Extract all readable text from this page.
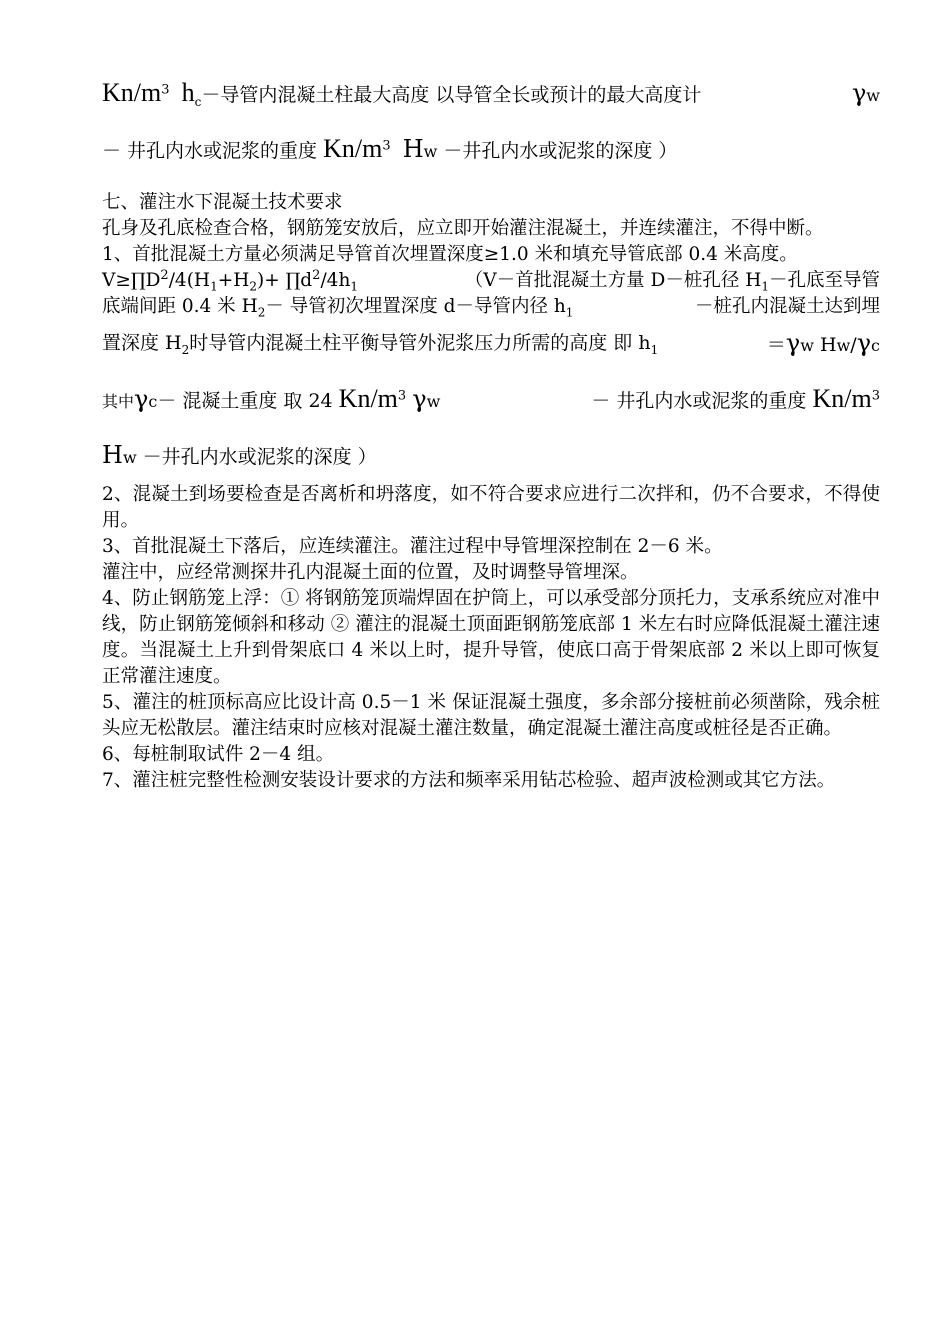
$Kn/m^3$ $h_c-$导管内混凝土柱最大高度 以导管全长或预计的最大高度计	γw
－ 井孔内水或泥浆的重度 $Kn/m^3$ Hw －井孔内水或泥浆的深度 ）
七、灌注水下混凝土技术要求
孔身及孔底检查合格，钢筋笼安放后，应立即开始灌注混凝土，并连续灌注，不得中断。
1、首批混凝土方量必须满足导管首次埋置深度≥1.0 米和填充导管底部 0.4 米高度。
$V\ge\prod D^2/4(H_1+H_2)+$ $\prod d^2/4h_1$	（V－首批混凝土方量 D－桩孔径 $H_1-$孔底至导管
底端间距 0.4 米 $H_2-$ 导管初次埋置深度 d－导管内径 $h_1$	－桩孔内混凝土达到埋
置深度 $H_2$时导管内混凝土柱平衡导管外泥浆压力所需的高度 即 $h_1$	＝γw Hw/γc
其中γc－ 混凝土重度 取 24 $Kn/m^3$ γw	－ 井孔内水或泥浆的重度 $Kn/m^3$
Hw －井孔内水或泥浆的深度 ）
2、混凝土到场要检查是否离析和坍落度，如不符合要求应进行二次拌和，仍不合要求，不得使用。
3、首批混凝土下落后，应连续灌注。灌注过程中导管埋深控制在 2－6 米。
灌注中，应经常测探井孔内混凝土面的位置，及时调整导管埋深。
4、防止钢筋笼上浮：① 将钢筋笼顶端焊固在护筒上，可以承受部分顶托力，支承系统应对准中线，防止钢筋笼倾斜和移动 ② 灌注的混凝土顶面距钢筋笼底部 1 米左右时应降低混凝土灌注速度。当混凝土上升到骨架底口 4 米以上时，提升导管，使底口高于骨架底部 2 米以上即可恢复正常灌注速度。
5、灌注的桩顶标高应比设计高 0.5－1 米 保证混凝土强度，多余部分接桩前必须凿除，残余桩头应无松散层。灌注结束时应核对混凝土灌注数量，确定混凝土灌注高度或桩径是否正确。
6、每桩制取试件 2－4 组。
7、灌注桩完整性检测安装设计要求的方法和频率采用钻芯检验、超声波检测或其它方法。
